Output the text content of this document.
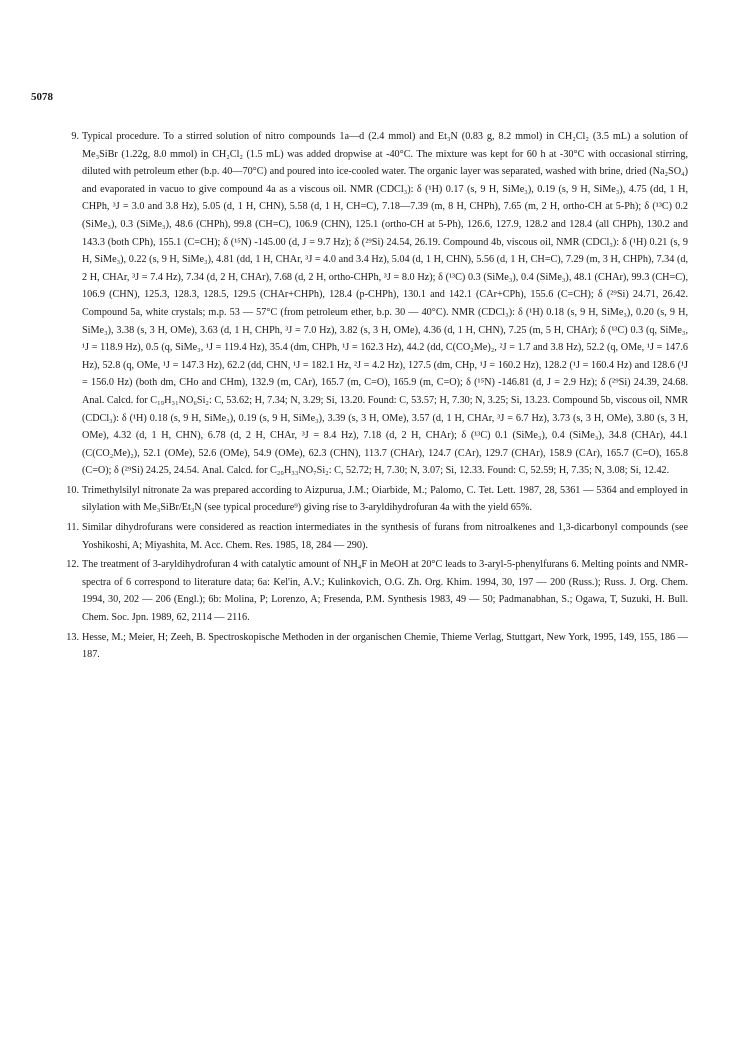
5078
9. Typical procedure. To a stirred solution of nitro compounds 1a—d (2.4 mmol) and Et₃N (0.83 g, 8.2 mmol) in CH₂Cl₂ (3.5 mL) a solution of Me₃SiBr (1.22g, 8.0 mmol) in CH₂Cl₂ (1.5 mL) was added dropwise at -40°C. The mixture was kept for 60 h at -30°C with occasional stirring, diluted with petroleum ether (b.p. 40—70°C) and poured into ice-cooled water. The organic layer was separated, washed with brine, dried (Na₂SO₄) and evaporated in vacuo to give compound 4a as a viscous oil. NMR (CDCl₃): δ (¹H) 0.17 (s, 9 H, SiMe₃), 0.19 (s, 9 H, SiMe₃), 4.75 (dd, 1 H, CHPh, ³J = 3.0 and 3.8 Hz), 5.05 (d, 1 H, CHN), 5.58 (d, 1 H, CH=C), 7.18—7.39 (m, 8 H, CHPh), 7.65 (m, 2 H, ortho-CH at 5-Ph); δ (¹³C) 0.2 (SiMe₃), 0.3 (SiMe₃), 48.6 (CHPh), 99.8 (CH=C), 106.9 (CHN), 125.1 (ortho-CH at 5-Ph), 126.6, 127.9, 128.2 and 128.4 (all CHPh), 130.2 and 143.3 (both CPh), 155.1 (C=CH); δ (¹⁵N) -145.00 (d, J = 9.7 Hz); δ (²⁹Si) 24.54, 26.19. Compound 4b, viscous oil, NMR (CDCl₃): δ (¹H) 0.21 (s, 9 H, SiMe₃), 0.22 (s, 9 H, SiMe₃), 4.81 (dd, 1 H, CHAr, ³J = 4.0 and 3.4 Hz), 5.04 (d, 1 H, CHN), 5.56 (d, 1 H, CH=C), 7.29 (m, 3 H, CHPh), 7.34 (d, 2 H, CHAr, ³J = 7.4 Hz), 7.34 (d, 2 H, CHAr), 7.68 (d, 2 H, ortho-CHPh, ³J = 8.0 Hz); δ (¹³C) 0.3 (SiMe₃), 0.4 (SiMe₃), 48.1 (CHAr), 99.3 (CH=C), 106.9 (CHN), 125.3, 128.3, 128.5, 129.5 (CHAr+CHPh), 128.4 (p-CHPh), 130.1 and 142.1 (CAr+CPh), 155.6 (C=CH); δ (²⁹Si) 24.71, 26.42. Compound 5a, white crystals; m.p. 53 — 57°C (from petroleum ether, b.p. 30 — 40°C). NMR (CDCl₃): δ (¹H) 0.18 (s, 9 H, SiMe₃), 0.20 (s, 9 H, SiMe₃), 3.38 (s, 3 H, OMe), 3.63 (d, 1 H, CHPh, ³J = 7.0 Hz), 3.82 (s, 3 H, OMe), 4.36 (d, 1 H, CHN), 7.25 (m, 5 H, CHAr); δ (¹³C) 0.3 (q, SiMe₃, ¹J = 118.9 Hz), 0.5 (q, SiMe₃, ¹J = 119.4 Hz), 35.4 (dm, CHPh, ¹J = 162.3 Hz), 44.2 (dd, C(CO₂Me)₂, ²J = 1.7 and 3.8 Hz), 52.2 (q, OMe, ¹J = 147.6 Hz), 52.8 (q, OMe, ¹J = 147.3 Hz), 62.2 (dd, CHN, ¹J = 182.1 Hz, ²J = 4.2 Hz), 127.5 (dm, CHp, ¹J = 160.2 Hz), 128.2 (¹J = 160.4 Hz) and 128.6 (¹J = 156.0 Hz) (both dm, CHo and CHm), 132.9 (m, CAr), 165.7 (m, C=O), 165.9 (m, C=O); δ (¹⁵N) -146.81 (d, J = 2.9 Hz); δ (²⁹Si) 24.39, 24.68. Anal. Calcd. for C₁₉H₃₁NO₆Si₂: C, 53.62; H, 7.34; N, 3.29; Si, 13.20. Found: C, 53.57; H, 7.30; N, 3.25; Si, 13.23. Compound 5b, viscous oil, NMR (CDCl₃): δ (¹H) 0.18 (s, 9 H, SiMe₃), 0.19 (s, 9 H, SiMe₃), 3.39 (s, 3 H, OMe), 3.57 (d, 1 H, CHAr, ³J = 6.7 Hz), 3.73 (s, 3 H, OMe), 3.80 (s, 3 H, OMe), 4.32 (d, 1 H, CHN), 6.78 (d, 2 H, CHAr, ³J = 8.4 Hz), 7.18 (d, 2 H, CHAr); δ (¹³C) 0.1 (SiMe₃), 0.4 (SiMe₃), 34.8 (CHAr), 44.1 (C(CO₂Me)₂), 52.1 (OMe), 52.6 (OMe), 54.9 (OMe), 62.3 (CHN), 113.7 (CHAr), 124.7 (CAr), 129.7 (CHAr), 158.9 (CAr), 165.7 (C=O), 165.8 (C=O); δ (²⁹Si) 24.25, 24.54. Anal. Calcd. for C₂₀H₃₃NO₇Si₂: C, 52.72; H, 7.30; N, 3.07; Si, 12.33. Found: C, 52.59; H, 7.35; N, 3.08; Si, 12.42.
10. Trimethylsilyl nitronate 2a was prepared according to Aizpurua, J.M.; Oiarbide, M.; Palomo, C. Tet. Lett. 1987, 28, 5361 — 5364 and employed in silylation with Me₃SiBr/Et₃N (see typical procedure⁹) giving rise to 3-aryldihydrofuran 4a with the yield 65%.
11. Similar dihydrofurans were considered as reaction intermediates in the synthesis of furans from nitroalkenes and 1,3-dicarbonyl compounds (see Yoshikoshi, A; Miyashita, M. Acc. Chem. Res. 1985, 18, 284 — 290).
12. The treatment of 3-aryldihydrofuran 4 with catalytic amount of NH₄F in MeOH at 20°C leads to 3-aryl-5-phenylfurans 6. Melting points and NMR-spectra of 6 correspond to literature data; 6a: Kel'in, A.V.; Kulinkovich, O.G. Zh. Org. Khim. 1994, 30, 197 — 200 (Russ.); Russ. J. Org. Chem. 1994, 30, 202 — 206 (Engl.); 6b: Molina, P; Lorenzo, A; Fresenda, P.M. Synthesis 1983, 49 — 50; Padmanabhan, S.; Ogawa, T, Suzuki, H. Bull. Chem. Soc. Jpn. 1989, 62, 2114 — 2116.
13. Hesse, M.; Meier, H; Zeeh, B. Spectroskopische Methoden in der organischen Chemie, Thieme Verlag, Stuttgart, New York, 1995, 149, 155, 186 — 187.
